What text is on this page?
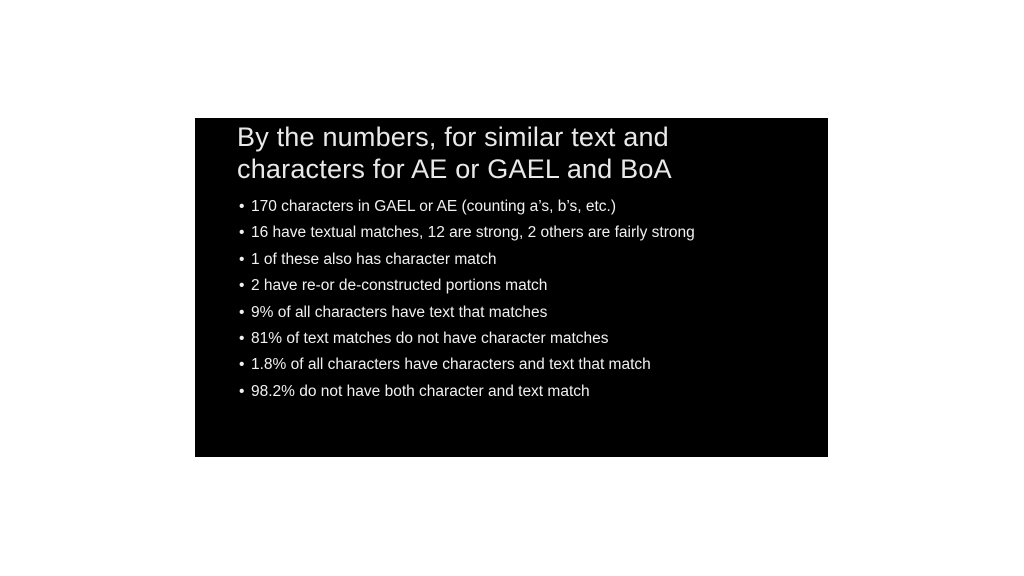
By the numbers, for similar text and characters for AE or GAEL and BoA
• 170 characters in GAEL or AE (counting a’s, b’s, etc.)
• 16 have textual matches, 12 are strong, 2 others are fairly strong
• 1 of these also has character match
• 2 have re-or de-constructed portions match
• 9% of all characters have text that matches
• 81% of text matches do not have character matches
• 1.8% of all characters have characters and text that match
• 98.2% do not have both character and text match
